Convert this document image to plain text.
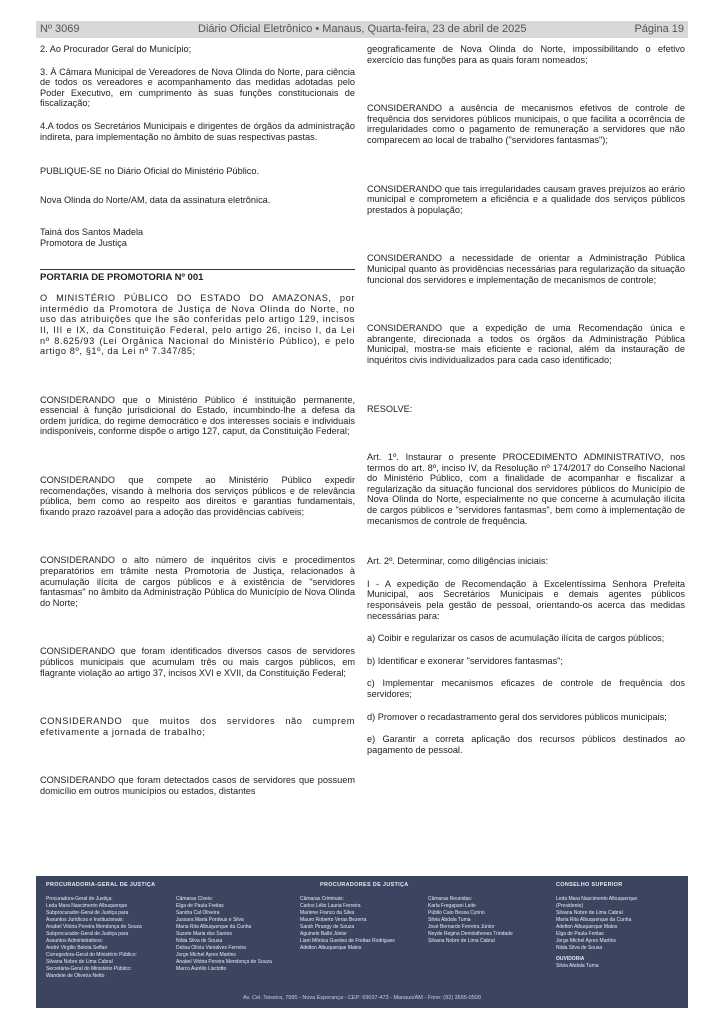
Nº 3069	Diário Oficial Eletrônico • Manaus, Quarta-feira, 23 de abril de 2025	Página 19

2. Ao Procurador Geral do Município;

3. À Câmara Municipal de Vereadores de Nova Olinda do Norte, para ciência de todos os vereadores e acompanhamento das medidas adotadas pelo Poder Executivo, em cumprimento às suas funções constitucionais de fiscalização;

4.A todos os Secretários Municipais e dirigentes de órgãos da administração indireta, para implementação no âmbito de suas respectivas pastas.

PUBLIQUE-SE no Diário Oficial do Ministério Público.

Nova Olinda do Norte/AM, data da assinatura eletrônica.

Tainá dos Santos Madela
Promotora de Justiça
PORTARIA DE PROMOTORIA Nº 001

O MINISTÉRIO PÚBLICO DO ESTADO DO AMAZONAS, por intermédio da Promotora de Justiça de Nova Olinda do Norte, no uso das atribuições que lhe são conferidas pelo artigo 129, incisos II, III e IX, da Constituição Federal, pelo artigo 26, inciso I, da Lei nº 8.625/93 (Lei Orgânica Nacional do Ministério Público), e pelo artigo 8º, §1º, da Lei nº 7.347/85;

CONSIDERANDO que o Ministério Público é instituição permanente, essencial à função jurisdicional do Estado, incumbindo-lhe a defesa da ordem jurídica, do regime democrático e dos interesses sociais e individuais indisponíveis, conforme dispõe o artigo 127, caput, da Constituição Federal;

CONSIDERANDO que compete ao Ministério Público expedir recomendações, visando à melhoria dos serviços públicos e de relevância pública, bem como ao respeito aos direitos e garantias fundamentais, fixando prazo razoável para a adoção das providências cabíveis;

CONSIDERANDO o alto número de inquéritos civis e procedimentos preparatórios em trâmite nesta Promotoria de Justiça, relacionados à acumulação ilícita de cargos públicos e à existência de "servidores fantasmas" no âmbito da Administração Pública do Município de Nova Olinda do Norte;

CONSIDERANDO que foram identificados diversos casos de servidores públicos municipais que acumulam três ou mais cargos públicos, em flagrante violação ao artigo 37, incisos XVI e XVII, da Constituição Federal;

CONSIDERANDO que muitos dos servidores não cumprem efetivamente a jornada de trabalho;

CONSIDERANDO que foram detectados casos de servidores que possuem domicílio em outros municípios ou estados, distantes

geograficamente de Nova Olinda do Norte, impossibilitando o efetivo exercício das funções para as quais foram nomeados;

CONSIDERANDO a ausência de mecanismos efetivos de controle de frequência dos servidores públicos municipais, o que facilita a ocorrência de irregularidades como o pagamento de remuneração a servidores que não comparecem ao local de trabalho ("servidores fantasmas");

CONSIDERANDO que tais irregularidades causam graves prejuízos ao erário municipal e comprometem a eficiência e a qualidade dos serviços públicos prestados à população;

CONSIDERANDO a necessidade de orientar a Administração Pública Municipal quanto às providências necessárias para regularização da situação funcional dos servidores e implementação de mecanismos de controle;

CONSIDERANDO que a expedição de uma Recomendação única e abrangente, direcionada a todos os órgãos da Administração Pública Municipal, mostra-se mais eficiente e racional, além da instauração de inquéritos civis individualizados para cada caso identificado;

RESOLVE:

Art. 1º. Instaurar o presente PROCEDIMENTO ADMINISTRATIVO, nos termos do art. 8º, inciso IV, da Resolução nº 174/2017 do Conselho Nacional do Ministério Público, com a finalidade de acompanhar e fiscalizar a regularização da situação funcional dos servidores públicos do Município de Nova Olinda do Norte, especialmente no que concerne à acumulação ilícita de cargos públicos e "servidores fantasmas", bem como à implementação de mecanismos de controle de frequência.

Art. 2º. Determinar, como diligências iniciais:

I - A expedição de Recomendação à Excelentíssima Senhora Prefeita Municipal, aos Secretários Municipais e demais agentes públicos responsáveis pela gestão de pessoal, orientando-os acerca das medidas necessárias para:

a) Coibir e regularizar os casos de acumulação ilícita de cargos públicos;

b) Identificar e exonerar "servidores fantasmas";

c) Implementar mecanismos eficazes de controle de frequência dos servidores;

d) Promover o recadastramento geral dos servidores públicos municipais;

e) Garantir a correta aplicação dos recursos públicos destinados ao pagamento de pessoal.

PROCURADORIA-GERAL DE JUSTIÇA	PROCURADORES DE JUSTIÇA	CONSELHO SUPERIOR
Procuradora-Geral de Justiça:
Leda Mara Nascimento Albuquerque
Subprocurador-Geral de Justiça para
Assuntos Jurídicos e Institucionais:
Anabel Vitória Pereira Mendonça de Souza
Subprocurador-Geral de Justiça para
Assuntos Administrativos:
André Virgílio Belota Seffair
Corregedora-Geral do Ministério Público:
Silvana Nobre de Lima Cabral
Secretária-Geral do Ministério Público:
Wandete de Oliveira Netto
Câmaras Cíveis:
Elga de Paula Freitas
Sandra Cal Oliveira
Jussara Maria Pordeus e Silva
Maria Rita Albuquerque da Cunha
Suzete Maria dos Santos
Nilda Silva de Sousa
Delisa Olívia Vieiralves Ferreira
Jorge Michel Ayres Martins
Anabel Vitória Pereira Mendonça de Souza
Marco Aurélio Lisciotto
Câmaras Criminais:
Carlos Lélio Lauria Ferreira
Marlene Franco da Silva
Mauro Roberto Veras Bezerra
Sarah Pirangy de Souza
Aguinelo Balbi Júnior
Liani Mônica Guedes de Freitas Rodrigues
Adelton Albuquerque Matos
Câmaras Reunidas:
Karla Fregapani Leite
Públio Caio Bessa Cyrino
Silvia Abdala Tuma
José Bernardo Ferreira Júnior
Neyde Regina Demósthenes Trindade
Silvana Nobre de Lima Cabral
Leda Mara Nascimento Albuquerque
(Presidente)
Silvana Nobre de Lima Cabral
Maria Rita Albuquerque da Cunha
Adelton Albuquerque Matos
Elga de Paula Freitas
Jorge Michel Ayres Martins
Nilda Silva de Sousa
OUVIDORIA
Silvia Abdala Tuma
Av. Cel. Teixeira, 7995 - Nova Esperança - CEP: 69037-473 - Manaus/AM - Fone: (92) 3655-0500
